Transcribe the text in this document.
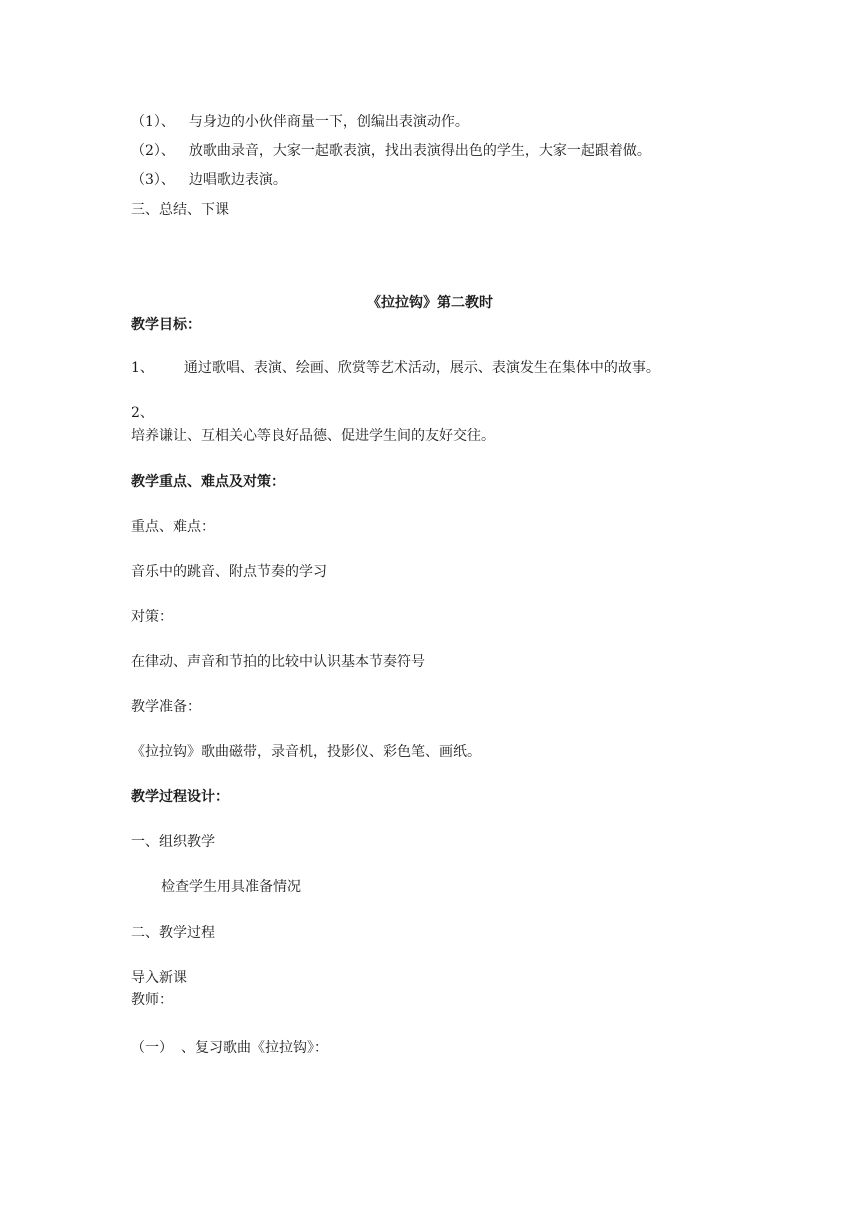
（1）、 与身边的小伙伴商量一下，创编出表演动作。
（2）、 放歌曲录音，大家一起歌表演，找出表演得出色的学生，大家一起跟着做。
（3）、 边唱歌边表演。
三、总结、下课
《拉拉钩》第二教时
教学目标：
1、 通过歌唱、表演、绘画、欣赏等艺术活动，展示、表演发生在集体中的故事。
2、
培养谦让、互相关心等良好品德、促进学生间的友好交往。
教学重点、难点及对策：
重点、难点：
音乐中的跳音、附点节奏的学习
对策：
在律动、声音和节拍的比较中认识基本节奏符号
教学准备：
《拉拉钩》歌曲磁带，录音机，投影仪、彩色笔、画纸。
教学过程设计：
一、组织教学
检查学生用具准备情况
二、教学过程
导入新课
教师：
（一） 、复习歌曲《拉拉钩》：
